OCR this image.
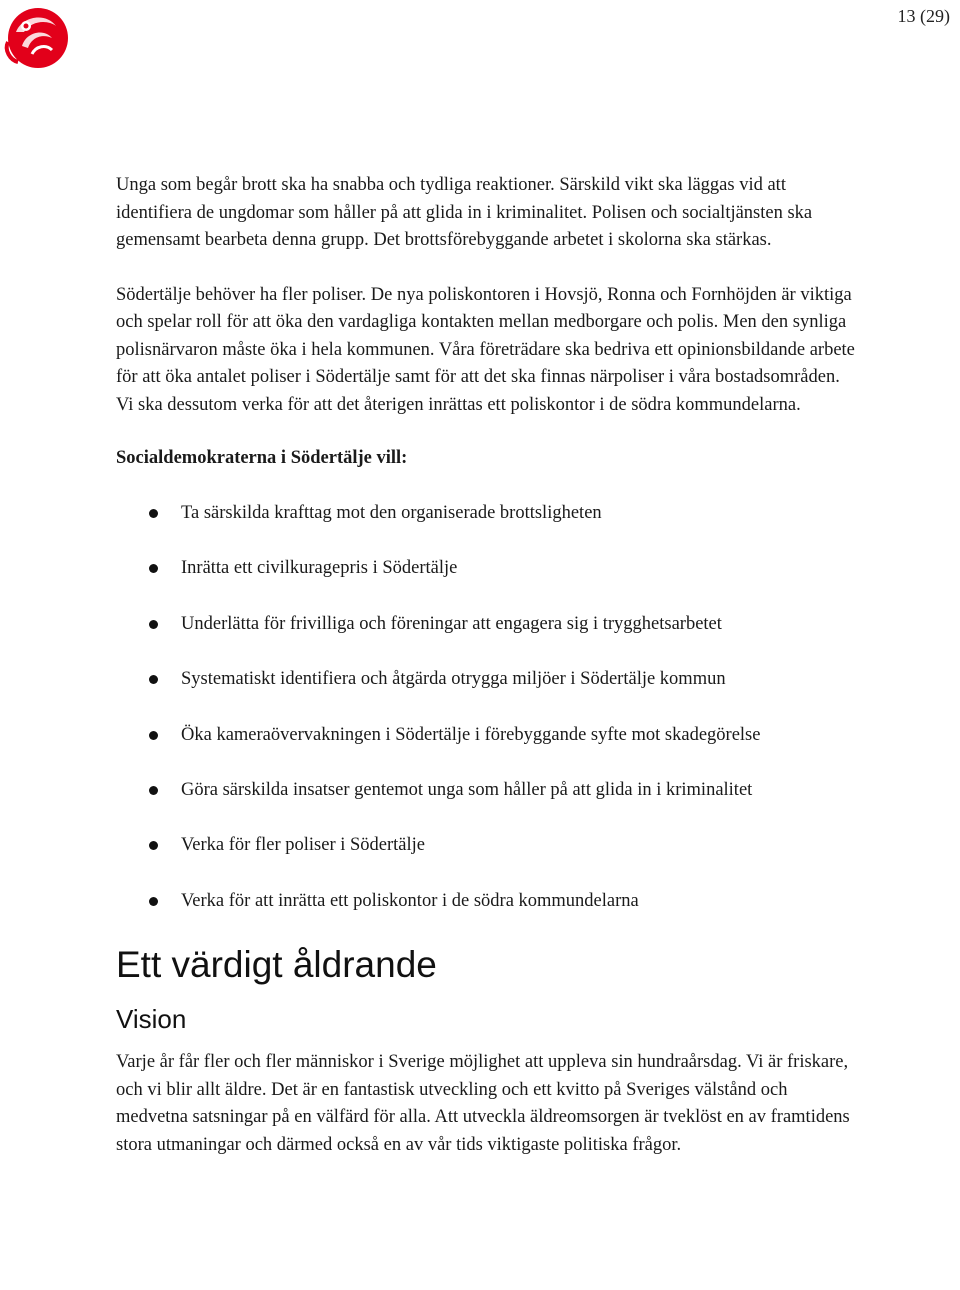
13 (29)

Unga som begår brott ska ha snabba och tydliga reaktioner. Särskild vikt ska läggas vid att identifiera de ungdomar som håller på att glida in i kriminalitet. Polisen och socialtjänsten ska gemensamt bearbeta denna grupp. Det brottsförebyggande arbetet i skolorna ska stärkas.

Södertälje behöver ha fler poliser. De nya poliskontoren i Hovsjö, Ronna och Fornhöjden är viktiga och spelar roll för att öka den vardagliga kontakten mellan medborgare och polis. Men den synliga polisnärvaron måste öka i hela kommunen. Våra företrädare ska bedriva ett opinionsbildande arbete för att öka antalet poliser i Södertälje samt för att det ska finnas närpoliser i våra bostadsområden. Vi ska dessutom verka för att det återigen inrättas ett poliskontor i de södra kommundelarna.

Socialdemokraterna i Södertälje vill:

Ta särskilda krafttag mot den organiserade brottsligheten
Inrätta ett civilkuragepris i Södertälje
Underlätta för frivilliga och föreningar att engagera sig i trygghetsarbetet
Systematiskt identifiera och åtgärda otrygga miljöer i Södertälje kommun
Öka kameraövervakningen i Södertälje i förebyggande syfte mot skadegörelse
Göra särskilda insatser gentemot unga som håller på att glida in i kriminalitet
Verka för fler poliser i Södertälje
Verka för att inrätta ett poliskontor i de södra kommundelarna
Ett värdigt åldrande
Vision

Varje år får fler och fler människor i Sverige möjlighet att uppleva sin hundraårsdag. Vi är friskare, och vi blir allt äldre. Det är en fantastisk utveckling och ett kvitto på Sveriges välstånd och medvetna satsningar på en välfärd för alla. Att utveckla äldreomsorgen är tveklöst en av framtidens stora utmaningar och därmed också en av vår tids viktigaste politiska frågor.
